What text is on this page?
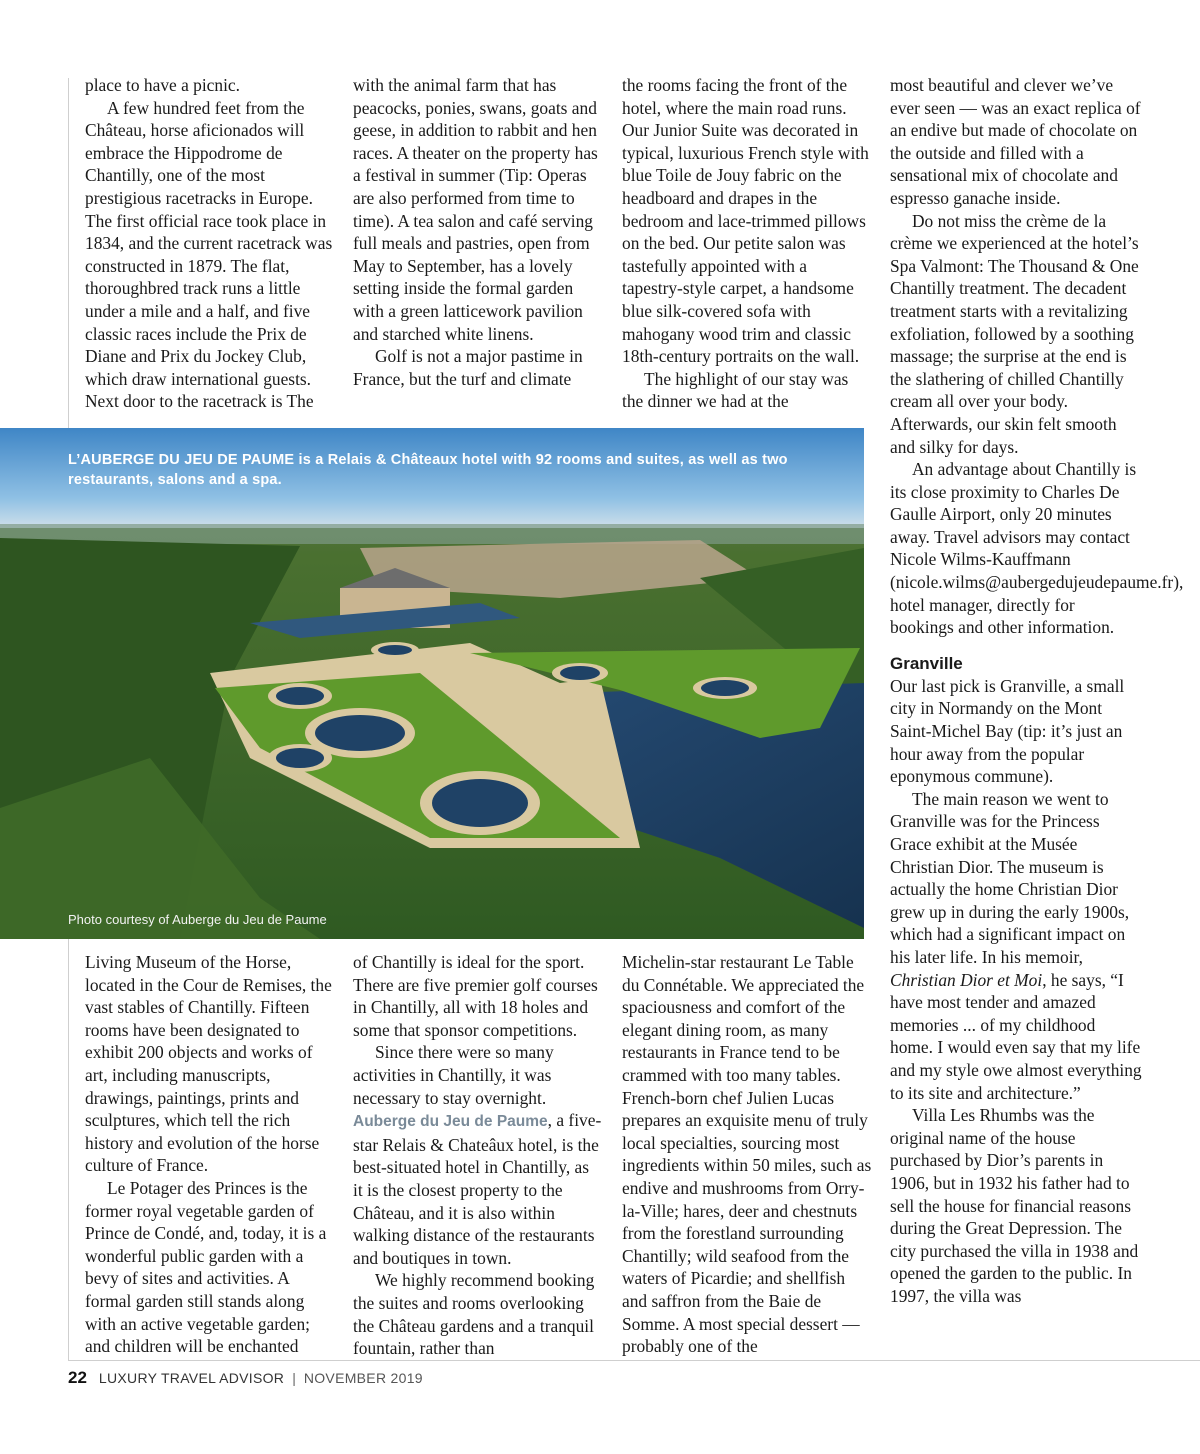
place to have a picnic.

A few hundred feet from the Château, horse aficionados will embrace the Hippodrome de Chantilly, one of the most prestigious racetracks in Europe. The first official race took place in 1834, and the current racetrack was constructed in 1879. The flat, thoroughbred track runs a little under a mile and a half, and five classic races include the Prix de Diane and Prix du Jockey Club, which draw international guests. Next door to the racetrack is The

with the animal farm that has peacocks, ponies, swans, goats and geese, in addition to rabbit and hen races. A theater on the property has a festival in summer (Tip: Operas are also performed from time to time). A tea salon and café serving full meals and pastries, open from May to September, has a lovely setting inside the formal garden with a green latticework pavilion and starched white linens.

Golf is not a major pastime in France, but the turf and climate

the rooms facing the front of the hotel, where the main road runs. Our Junior Suite was decorated in typical, luxurious French style with blue Toile de Jouy fabric on the headboard and drapes in the bedroom and lace-trimmed pillows on the bed. Our petite salon was tastefully appointed with a tapestry-style carpet, a handsome blue silk-covered sofa with mahogany wood trim and classic 18th-century portraits on the wall.

The highlight of our stay was the dinner we had at the

L’AUBERGE DU JEU DE PAUME is a Relais & Châteaux hotel with 92 rooms and suites, as well as two restaurants, salons and a spa.
Photo courtesy of Auberge du Jeu de Paume

Living Museum of the Horse, located in the Cour de Remises, the vast stables of Chantilly. Fifteen rooms have been designated to exhibit 200 objects and works of art, including manuscripts, drawings, paintings, prints and sculptures, which tell the rich history and evolution of the horse culture of France.

Le Potager des Princes is the former royal vegetable garden of Prince de Condé, and, today, it is a wonderful public garden with a bevy of sites and activities. A formal garden still stands along with an active vegetable garden; and children will be enchanted

of Chantilly is ideal for the sport. There are five premier golf courses in Chantilly, all with 18 holes and some that sponsor competitions.

Since there were so many activities in Chantilly, it was necessary to stay overnight. Auberge du Jeu de Paume, a five-star Relais & Chateâux hotel, is the best-situated hotel in Chantilly, as it is the closest property to the Château, and it is also within walking distance of the restaurants and boutiques in town.

We highly recommend booking the suites and rooms overlooking the Château gardens and a tranquil fountain, rather than

Michelin-star restaurant Le Table du Connétable. We appreciated the spaciousness and comfort of the elegant dining room, as many restaurants in France tend to be crammed with too many tables. French-born chef Julien Lucas prepares an exquisite menu of truly local specialties, sourcing most ingredients within 50 miles, such as endive and mushrooms from Orry-la-Ville; hares, deer and chestnuts from the forestland surrounding Chantilly; wild seafood from the waters of Picardie; and shellfish and saffron from the Baie de Somme. A most special dessert — probably one of the

most beautiful and clever we’ve ever seen — was an exact replica of an endive but made of chocolate on the outside and filled with a sensational mix of chocolate and espresso ganache inside.

Do not miss the crème de la crème we experienced at the hotel’s Spa Valmont: The Thousand & One Chantilly treatment. The decadent treatment starts with a revitalizing exfoliation, followed by a soothing massage; the surprise at the end is the slathering of chilled Chantilly cream all over your body. Afterwards, our skin felt smooth and silky for days.

An advantage about Chantilly is its close proximity to Charles De Gaulle Airport, only 20 minutes away. Travel advisors may contact Nicole Wilms-Kauffmann (nicole.wilms@aubergedujeudepaume.fr), hotel manager, directly for bookings and other information.

Granville

Our last pick is Granville, a small city in Normandy on the Mont Saint-Michel Bay (tip: it’s just an hour away from the popular eponymous commune).

The main reason we went to Granville was for the Princess Grace exhibit at the Musée Christian Dior. The museum is actually the home Christian Dior grew up in during the early 1900s, which had a significant impact on his later life. In his memoir, Christian Dior et Moi, he says, “I have most tender and amazed memories ... of my childhood home. I would even say that my life and my style owe almost everything to its site and architecture.”

Villa Les Rhumbs was the original name of the house purchased by Dior’s parents in 1906, but in 1932 his father had to sell the house for financial reasons during the Great Depression. The city purchased the villa in 1938 and opened the garden to the public. In 1997, the villa was

22 LUXURY TRAVEL ADVISOR | NOVEMBER 2019
